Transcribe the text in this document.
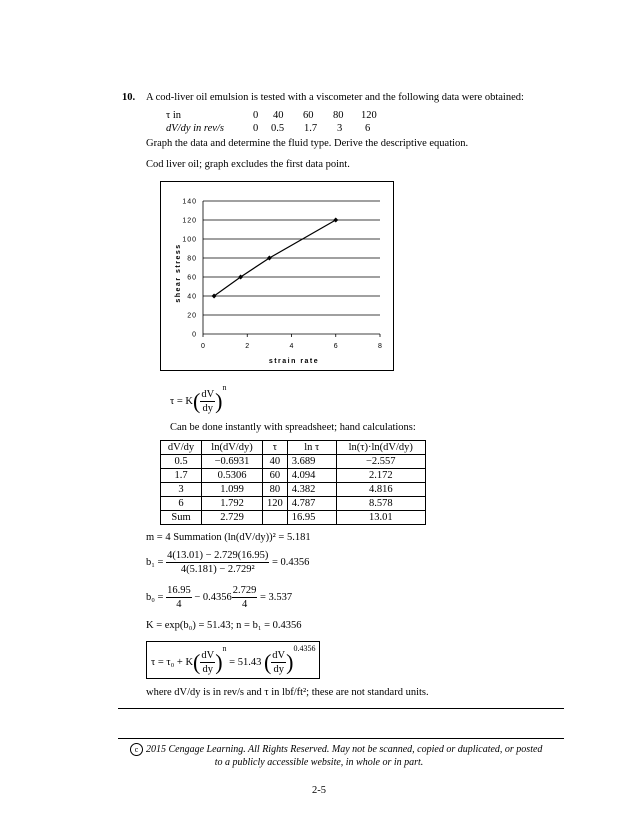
10. A cod-liver oil emulsion is tested with a viscometer and the following data were obtained:
τ in	0 40 60 80 120
dV/dy in rev/s	0 0.5 1.7 3 6
Graph the data and determine the fluid type. Derive the descriptive equation.
Cod liver oil; graph excludes the first data point.
0
20
40
60
80
100
120
140
0	2	4	6	8
strain rate
shear stress
$\tau = K( \frac{dV}{dy} )^n$
Can be done instantly with spreadsheet; hand calculations:
dV/dy	ln(dV/dy)	τ	ln τ	ln(τ)·ln(dV/dy)
0.5	−0.6931	40	3.689	−2.557
1.7	0.5306	60	4.094	2.172
3	1.099	80	4.382	4.816
6	1.792	120	4.787	8.578
Sum	2.729		16.95	13.01
m = 4 Summation (ln(dV/dy))² = 5.181
$b_1 = \frac{4(13.01) - 2.729(16.95)}{\text{4(5.181) − 2.729²}} = 0.4356$
$b_0 = \frac{16.95}{4} - 0.4356 \frac{2.729}{4} = 3.537$
K = exp(b₀) = 51.43; n = b₁ = 0.4356
$\tau = \tau_0 + K( \frac{dV}{dy} )^n = 51.43$ ( $\frac{dV}{dy} )^{0.4356}$
where dV/dy is in rev/s and τ in lbf/ft²; these are not standard units.
c 2015 Cengage Learning. All Rights Reserved. May not be scanned, copied or duplicated, or posted
to a publicly accessible website, in whole or in part.
2-5
